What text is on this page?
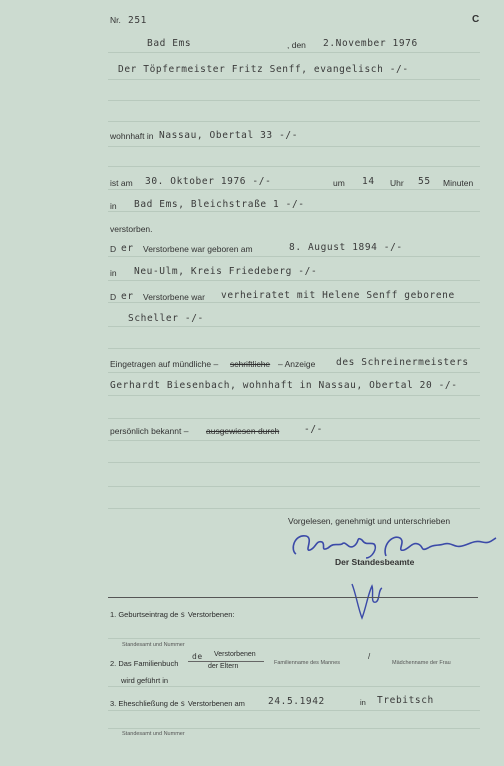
Nr. 251	C
Bad Ems	, den 2.November 1976
Der Töpfermeister Fritz Senff, evangelisch -/-
wohnhaft in Nassau, Obertal 33 -/-
ist am 30. Oktober 1976 -/-	um 14 Uhr 55 Minuten
in Bad Ems, Bleichstraße 1 -/-
verstorben.
D er Verstorbene war geboren am	8. August 1894 -/-
in Neu-Ulm, Kreis Friedeberg -/-
D er Verstorbene war verheiratet mit Helene Senff geborene
Scheller -/-
Eingetragen auf mündliche – schriftliche – Anzeige des Schreinermeisters
Gerhardt Biesenbach, wohnhaft in Nassau, Obertal 20 -/-
persönlich bekannt – ausgewiesen durch	-/-
Vorgelesen, genehmigt und unterschrieben
Der Standesbeamte
1. Geburtseintrag de s Verstorbenen:
Standesamt und Nummer
2. Das Familienbuch
de Verstorbenen
der Eltern	Familienname des Mannes
/
Mädchenname der Frau
wird geführt in
3. Eheschließung de s Verstorbenen am 24.5.1942	in Trebitsch
Standesamt und Nummer
